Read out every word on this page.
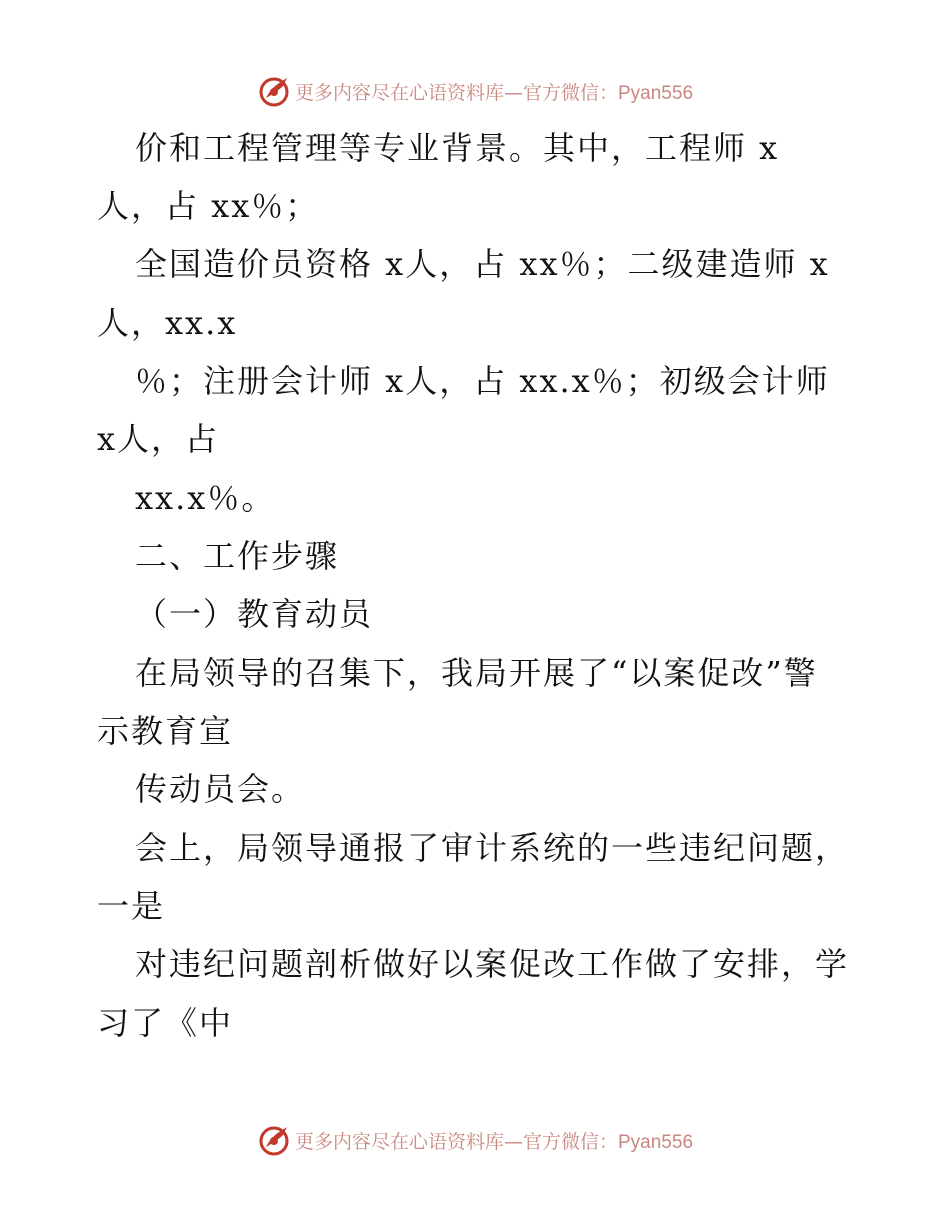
更多内容尽在心语资料库—官方微信：Pyan556
价和工程管理等专业背景。其中，工程师 x
人，占 xx％；
全国造价员资格 x人，占 xx％；二级建造师 x
人，xx.x
％；注册会计师 x人，占 xx.x％；初级会计师
x人，占
xx.x％。
二、工作步骤
（一）教育动员
在局领导的召集下，我局开展了“以案促改”警
示教育宣
传动员会。
会上，局领导通报了审计系统的一些违纪问题，
一是
对违纪问题剖析做好以案促改工作做了安排，学
习了《中
更多内容尽在心语资料库—官方微信：Pyan556
